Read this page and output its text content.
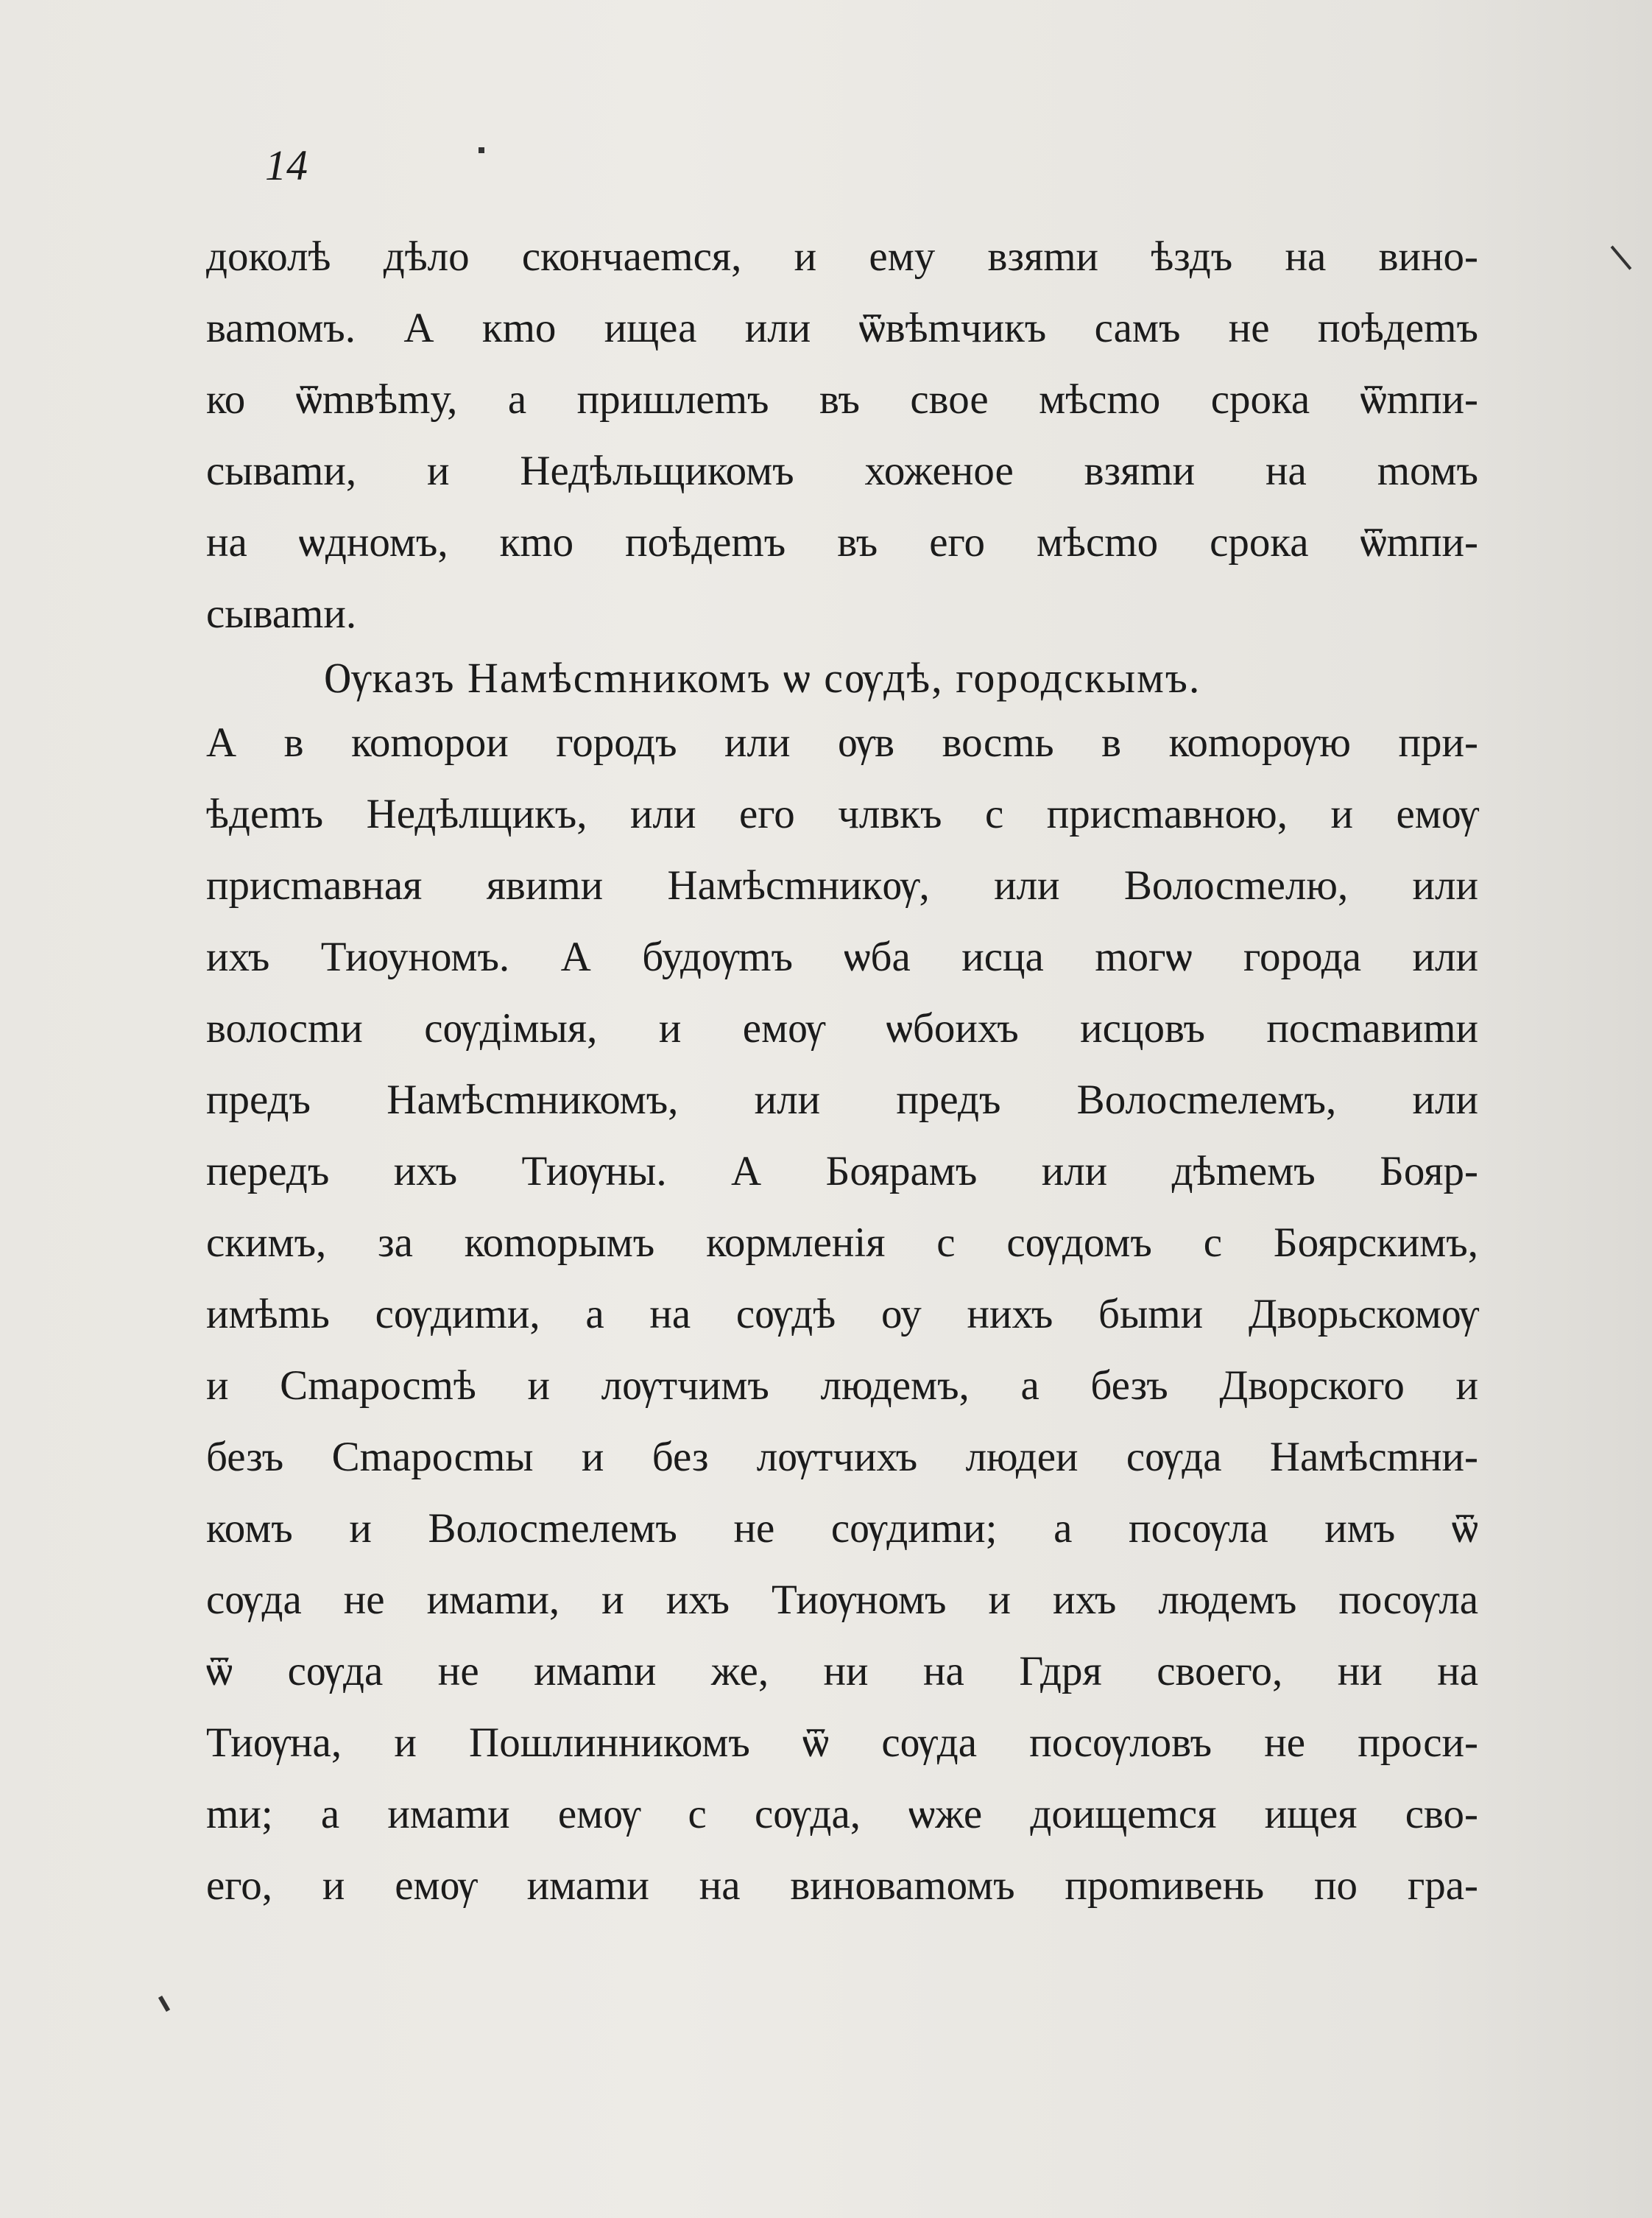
14
доколѣ дѣло скончаеmся, и ему взяmи ѣздъ на вино-
ваmомъ. А кmо ищеа или ѿвѣmчикъ самъ не поѣдеmъ
ко ѿmвѣmу, а пришлеmъ въ свое мѣсmо срока ѿmпи-
сываmи, и Недѣльщикомъ хоженое взяmи на mомъ
на ѡдномъ, кmо поѣдеmъ въ его мѣсmо срока ѿmпи-
сываmи.
Ѹказъ Намѣсmникомъ ѡ сѹдѣ, городскымъ.
А в коmорои городъ или ѹв восmь в коmорѹю при-
ѣдеmъ Недѣлщикъ, или его члвкъ с присmавною, и емѹ
присmавная явиmи Намѣсmникѹ, или Волосmелю, или
ихъ Тиоуномъ. А будѹmъ ѡба исца mогѡ города или
волосmи сѹдімыя, и емѹ ѡбоихъ исцовъ посmавиmи
предъ Намѣсmникомъ, или предъ Волосmелемъ, или
передъ ихъ Тиѹны. А Боярамъ или дѣmемъ Бояр-
скимъ, за коmорымъ кормленія с сѹдомъ с Боярскимъ,
имѣmь сѹдиmи, а на сѹдѣ оу нихъ быmи Дворьскомѹ
и Сmаросmѣ и лѹтчимъ людемъ, а безъ Дворского и
безъ Сmаросmы и без лѹтчихъ людеи сѹда Намѣсmни-
комъ и Волосmелемъ не сѹдиmи; а посѹла имъ ѿ
сѹда не имаmи, и ихъ Тиѹномъ и ихъ людемъ посѹла
ѿ сѹда не имаmи же, ни на Гдря своего, ни на
Тиѹна, и Пошлинникомъ ѿ сѹда посѹловъ не проси-
mи; а имаmи емѹ с сѹда, ѡже доищеmся ищея сво-
его, и емѹ имаmи на виноваmомъ проmивень по гра-
